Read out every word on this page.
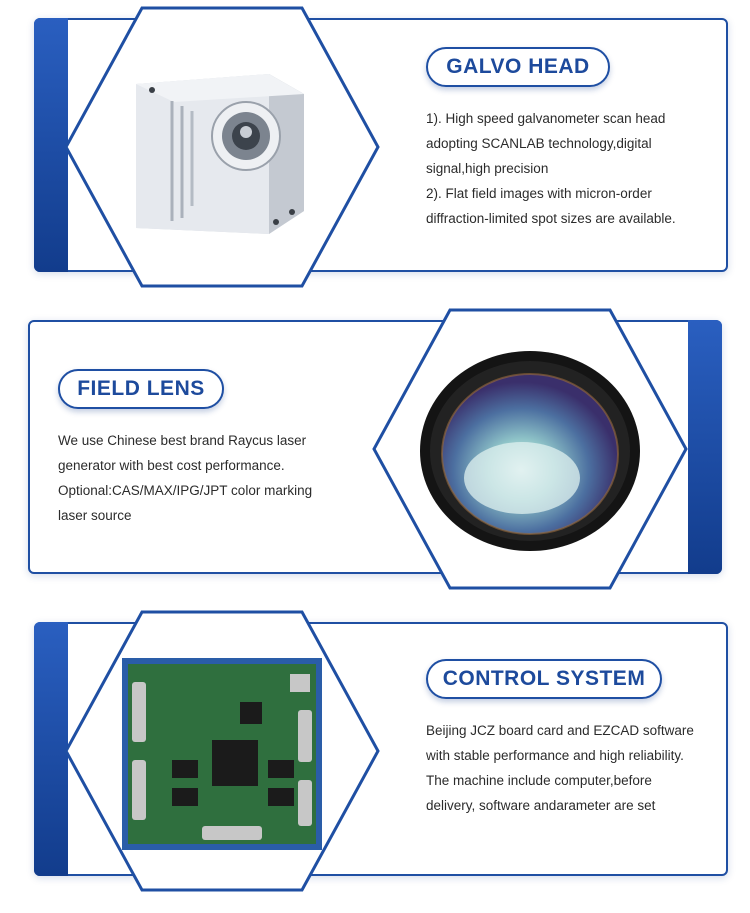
GALVO HEAD

1). High speed galvanometer scan head

adopting SCANLAB technology,digital

signal,high precision

2). Flat field images with micron-order

diffraction-limited spot sizes are available.

FIELD LENS

We use Chinese best brand Raycus laser

generator with best cost performance.

Optional:CAS/MAX/IPG/JPT color marking

laser source

CONTROL SYSTEM

Beijing JCZ board card and EZCAD software

with stable performance and high reliability.

The machine include computer,before

delivery, software andarameter are set
